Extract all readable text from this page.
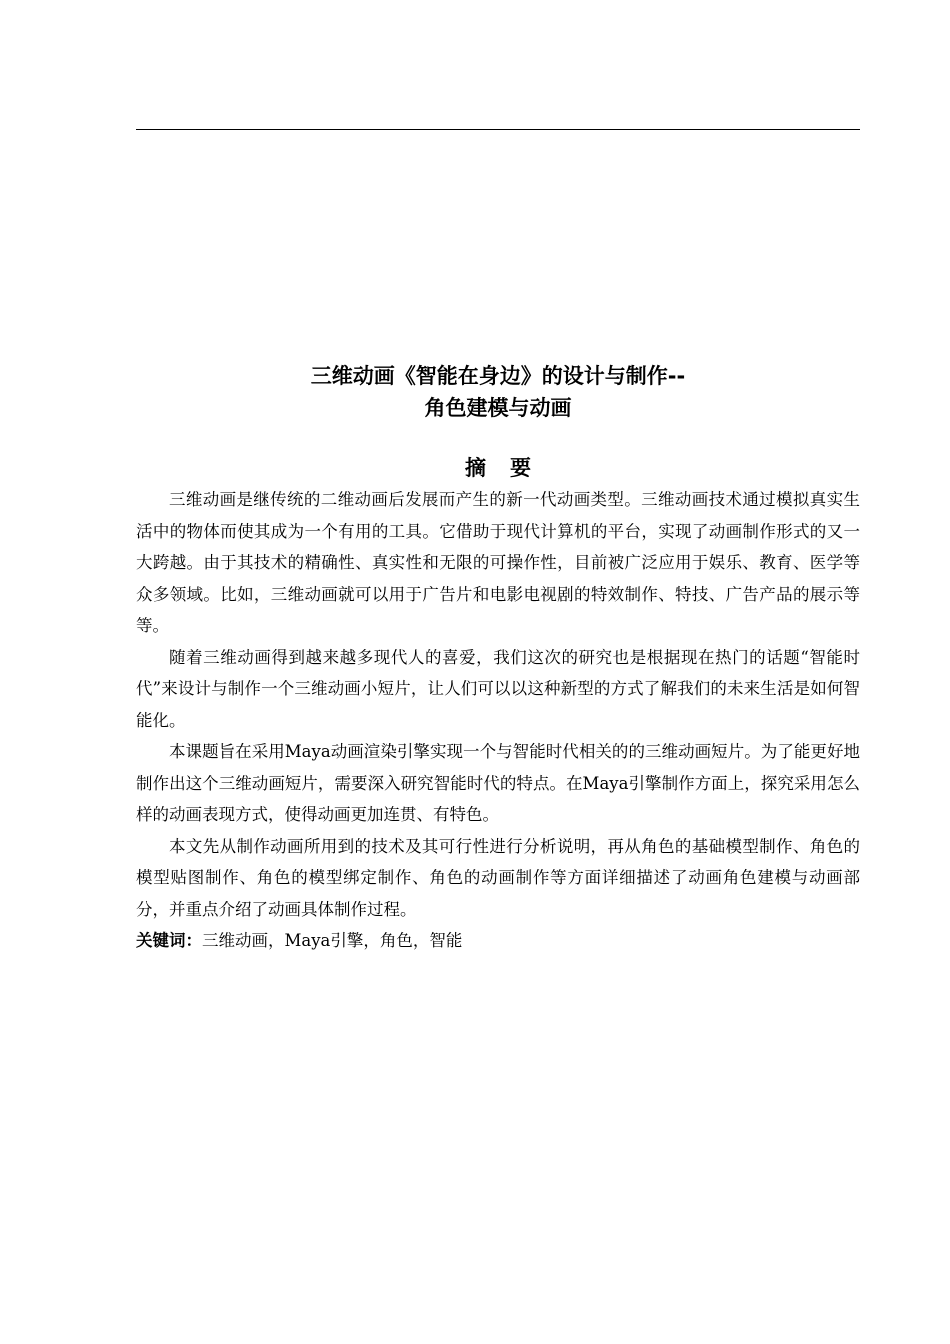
三维动画《智能在身边》的设计与制作--
角色建模与动画
摘要

三维动画是继传统的二维动画后发展而产生的新一代动画类型。三维动画技术通过模拟真实生活中的物体而使其成为一个有用的工具。它借助于现代计算机的平台，实现了动画制作形式的又一大跨越。由于其技术的精确性、真实性和无限的可操作性，目前被广泛应用于娱乐、教育、医学等众多领域。比如，三维动画就可以用于广告片和电影电视剧的特效制作、特技、广告产品的展示等等。

随着三维动画得到越来越多现代人的喜爱，我们这次的研究也是根据现在热门的话题“智能时代”来设计与制作一个三维动画小短片，让人们可以以这种新型的方式了解我们的未来生活是如何智能化。

本课题旨在采用Maya动画渲染引擎实现一个与智能时代相关的的三维动画短片。为了能更好地制作出这个三维动画短片，需要深入研究智能时代的特点。在Maya引擎制作方面上，探究采用怎么样的动画表现方式，使得动画更加连贯、有特色。

本文先从制作动画所用到的技术及其可行性进行分析说明，再从角色的基础模型制作、角色的模型贴图制作、角色的模型绑定制作、角色的动画制作等方面详细描述了动画角色建模与动画部分，并重点介绍了动画具体制作过程。

关键词：三维动画，Maya引擎，角色，智能
